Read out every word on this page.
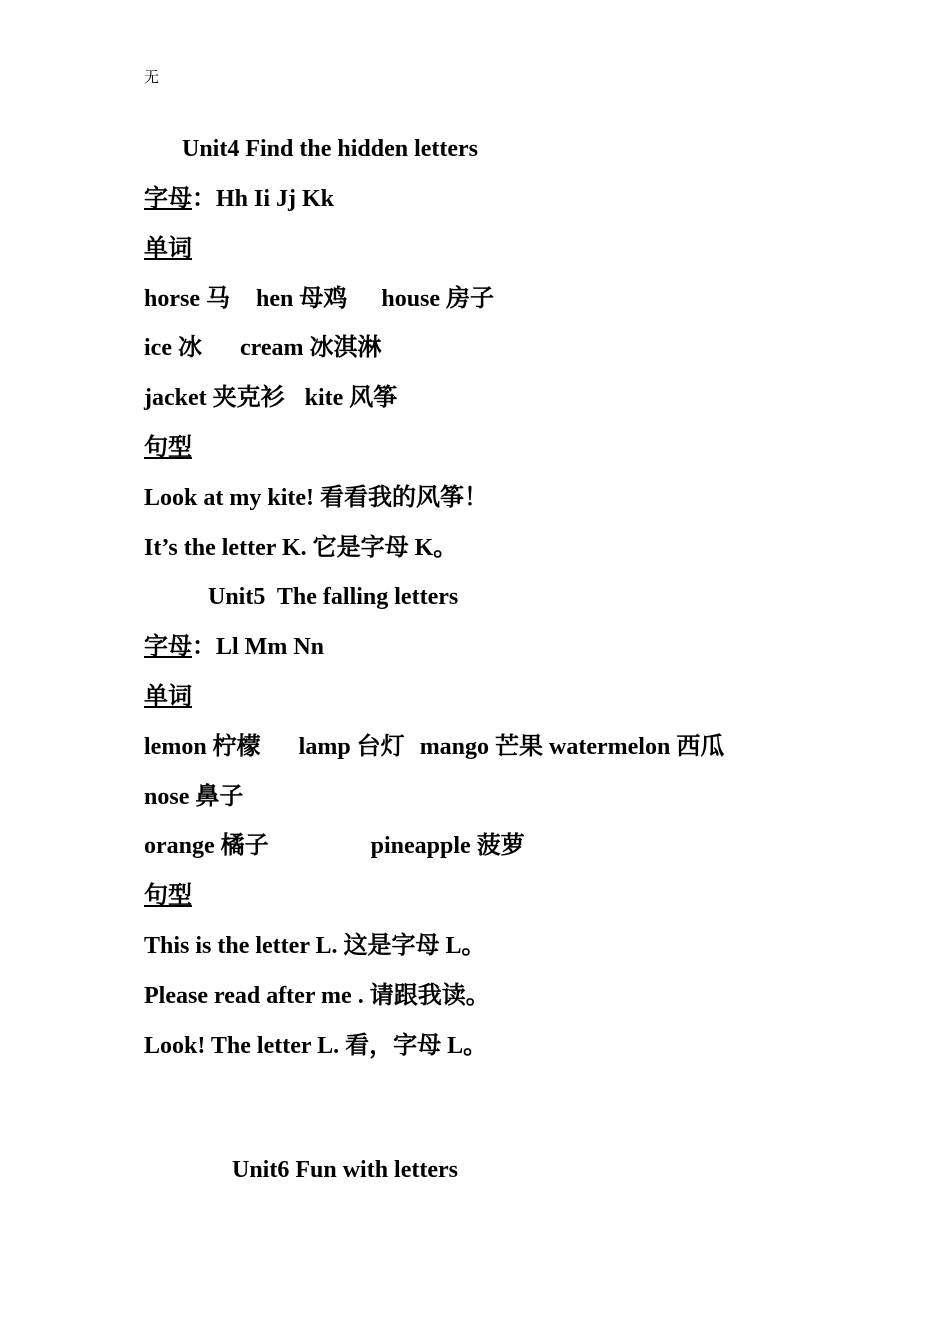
无
Unit4 Find the hidden letters
字母：Hh Ii Jj Kk
单词
horse 马 hen 母鸡 house 房子
ice 冰 cream 冰淇淋
jacket 夹克衫 kite 风筝
句型
Look at my kite! 看看我的风筝！
It’s the letter K. 它是字母 K。
Unit5  The falling letters
字母：Ll Mm Nn
单词
lemon 柠檬 lamp 台灯 mango 芒果 watermelon 西瓜
nose 鼻子
orange 橘子	pineapple 菠萝
句型
This is the letter L. 这是字母 L。
Please read after me . 请跟我读。
Look! The letter L. 看，字母 L。
Unit6 Fun with letters
